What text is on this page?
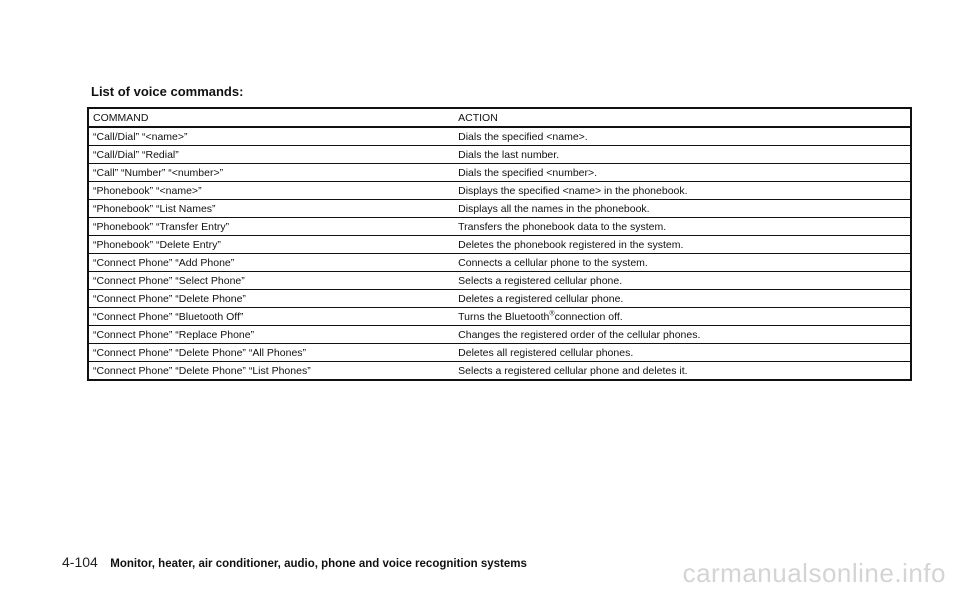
List of voice commands:
COMMAND	ACTION
“Call/Dial” “<name>”	Dials the specified <name>.
“Call/Dial” “Redial”	Dials the last number.
“Call” “Number” “<number>”	Dials the specified <number>.
“Phonebook” “<name>”	Displays the specified <name> in the phonebook.
“Phonebook” “List Names”	Displays all the names in the phonebook.
“Phonebook” “Transfer Entry”	Transfers the phonebook data to the system.
“Phonebook” “Delete Entry”	Deletes the phonebook registered in the system.
“Connect Phone” “Add Phone”	Connects a cellular phone to the system.
“Connect Phone” “Select Phone”	Selects a registered cellular phone.
“Connect Phone” “Delete Phone”	Deletes a registered cellular phone.
“Connect Phone” “Bluetooth Off”	Turns the Bluetooth®connection off.
“Connect Phone” “Replace Phone”	Changes the registered order of the cellular phones.
“Connect Phone” “Delete Phone” “All Phones”	Deletes all registered cellular phones.
“Connect Phone” “Delete Phone” “List Phones”	Selects a registered cellular phone and deletes it.
4-104 Monitor, heater, air conditioner, audio, phone and voice recognition systems	carmanualsonline.info
